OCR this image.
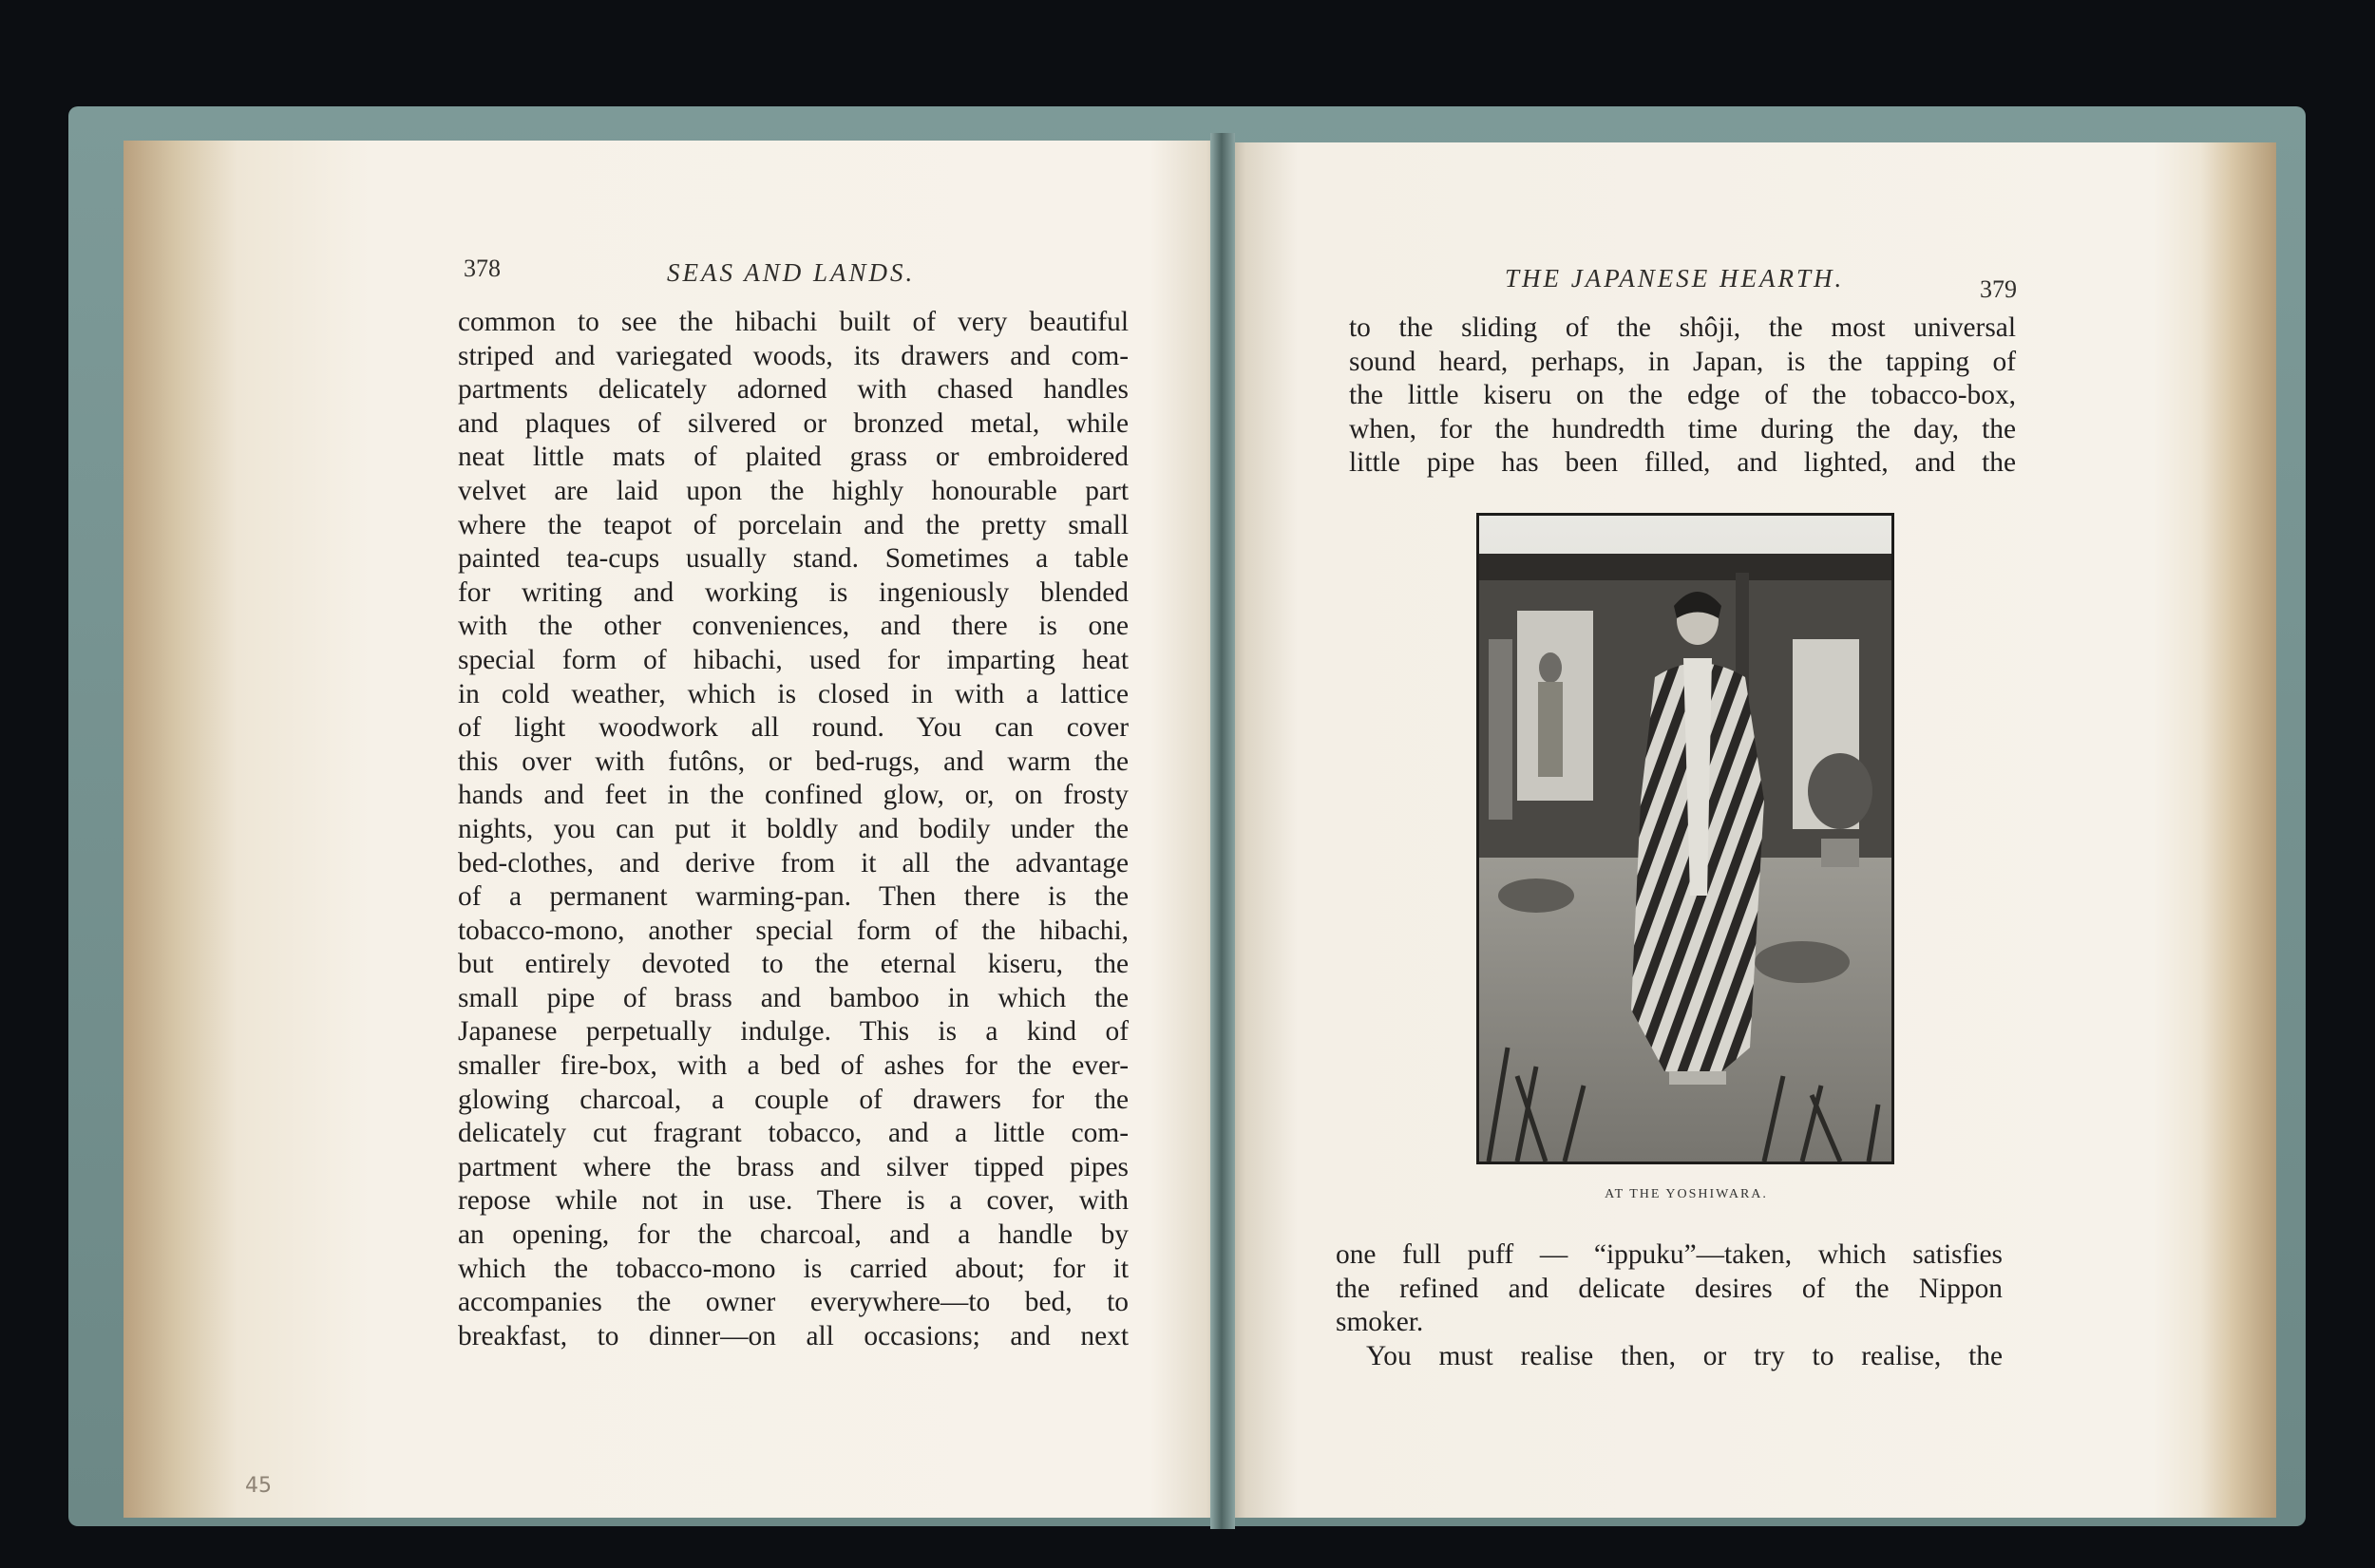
378	SEAS AND LANDS.
common to see the hibachi built of very beautiful
striped and variegated woods, its drawers and com-
partments delicately adorned with chased handles
and plaques of silvered or bronzed metal, while
neat little mats of plaited grass or embroidered
velvet are laid upon the highly honourable part
where the teapot of porcelain and the pretty small
painted tea-cups usually stand. Sometimes a table
for writing and working is ingeniously blended
with the other conveniences, and there is one
special form of hibachi, used for imparting heat
in cold weather, which is closed in with a lattice
of light woodwork all round. You can cover
this over with futôns, or bed-rugs, and warm the
hands and feet in the confined glow, or, on frosty
nights, you can put it boldly and bodily under the
bed-clothes, and derive from it all the advantage
of a permanent warming-pan. Then there is the
tobacco-mono, another special form of the hibachi,
but entirely devoted to the eternal kiseru, the
small pipe of brass and bamboo in which the
Japanese perpetually indulge. This is a kind of
smaller fire-box, with a bed of ashes for the ever-
glowing charcoal, a couple of drawers for the
delicately cut fragrant tobacco, and a little com-
partment where the brass and silver tipped pipes
repose while not in use. There is a cover, with
an opening, for the charcoal, and a handle by
which the tobacco-mono is carried about; for it
accompanies the owner everywhere—to bed, to
breakfast, to dinner—on all occasions; and next
THE JAPANESE HEARTH.	379
to the sliding of the shôji, the most universal
sound heard, perhaps, in Japan, is the tapping of
the little kiseru on the edge of the tobacco-box,
when, for the hundredth time during the day, the
little pipe has been filled, and lighted, and the
AT THE YOSHIWARA.
one full puff — “ippuku”—taken, which satisfies
the refined and delicate desires of the Nippon
smoker.
You must realise then, or try to realise, the
45
